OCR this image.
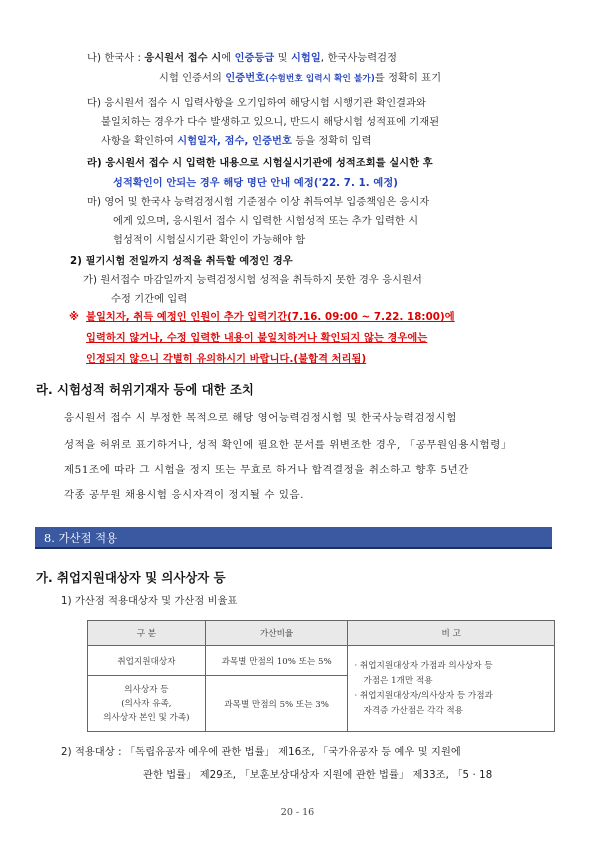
나) 한국사 : 응시원서 접수 시에 인증등급 및 시험일, 한국사능력검정
시험 인증서의 인증번호(수험번호 입력시 확인 불가)를 정확히 표기
다) 응시원서 접수 시 입력사항을 오기입하여 해당시험 시행기관 확인결과와
불일치하는 경우가 다수 발생하고 있으니, 반드시 해당시험 성적표에 기재된
사항을 확인하여 시험일자, 점수, 인증번호 등을 정확히 입력
라) 응시원서 접수 시 입력한 내용으로 시험실시기관에 성적조회를 실시한 후
성적확인이 안되는 경우 해당 명단 안내 예정('22. 7. 1. 예정)
마) 영어 및 한국사 능력검정시험 기준점수 이상 취득여부 입증책임은 응시자
에게 있으며, 응시원서 접수 시 입력한 시험성적 또는 추가 입력한 시
험성적이 시험실시기관 확인이 가능해야 함
2) 필기시험 전일까지 성적을 취득할 예정인 경우
가) 원서접수 마감일까지 능력검정시험 성적을 취득하지 못한 경우 응시원서
수정 기간에 입력
※ 불일치자, 취득 예정인 인원이 추가 입력기간(7.16. 09:00 ~ 7.22. 18:00)에
입력하지 않거나, 수정 입력한 내용이 불일치하거나 확인되지 않는 경우에는
인정되지 않으니 각별히 유의하시기 바랍니다.(불합격 처리됨)
라. 시험성적 허위기재자 등에 대한 조치
응시원서 접수 시 부정한 목적으로 해당 영어능력검정시험 및 한국사능력검정시험
성적을 허위로 표기하거나, 성적 확인에 필요한 문서를 위변조한 경우, 「공무원임용시험령」
제51조에 따라 그 시험을 정지 또는 무효로 하거나 합격결정을 취소하고 향후 5년간
각종 공무원 채용시험 응시자격이 정지될 수 있음.
8. 가산점 적용
가. 취업지원대상자 및 의사상자 등
1) 가산점 적용대상자 및 가산점 비율표
구 분	가산비율	비 고
취업지원대상자	과목별 만점의 10% 또는 5%	· 취업지원대상자 가점과 의사상자 등
가점은 1개만 적용
· 취업지원대상자/의사상자 등 가점과
자격증 가산점은 각각 적용

의사상자 등
(의사자 유족,
의사상자 본인 및 가족)	과목별 만점의 5% 또는 3%	
2) 적용대상 : 「독립유공자 예우에 관한 법률」 제16조, 「국가유공자 등 예우 및 지원에
관한 법률」 제29조, 「보훈보상대상자 지원에 관한 법률」 제33조, 「5 · 18
20 - 16
